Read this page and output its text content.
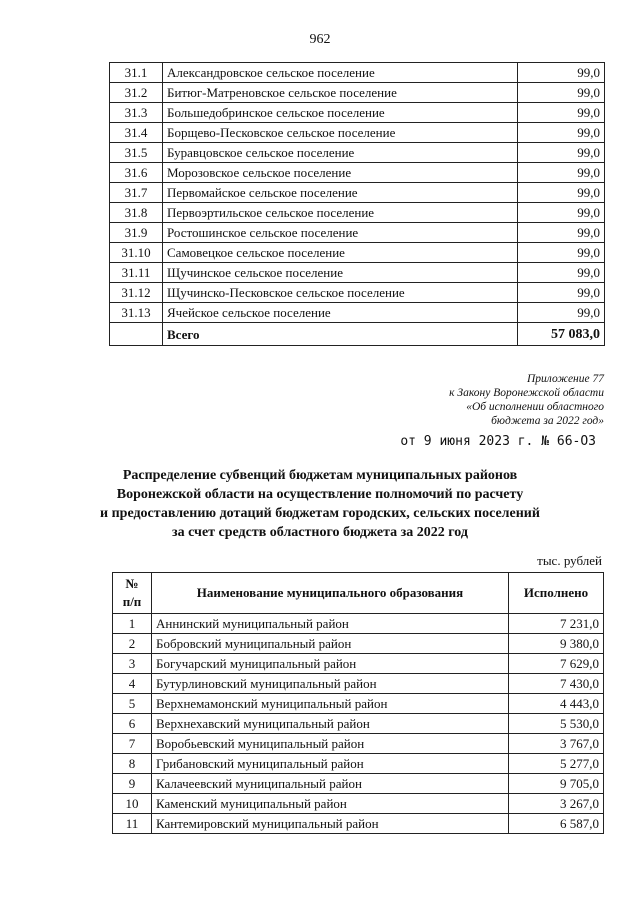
962
31.1	Александровское сельское поселение	99,0
31.2	Битюг-Матреновское сельское поселение	99,0
31.3	Большедобринское сельское поселение	99,0
31.4	Борщево-Песковское сельское поселение	99,0
31.5	Буравцовское сельское поселение	99,0
31.6	Морозовское сельское поселение	99,0
31.7	Первомайское сельское поселение	99,0
31.8	Первоэртильское сельское поселение	99,0
31.9	Ростошинское сельское поселение	99,0
31.10	Самовецкое сельское поселение	99,0
31.11	Щучинское сельское поселение	99,0
31.12	Щучинско-Песковское сельское поселение	99,0
31.13	Ячейское сельское поселение	99,0
	Всего	57 083,0
Приложение 77
к Закону Воронежской области
«Об исполнении областного
бюджета за 2022 год»
от 9 июня 2023 г. № 66-ОЗ
Распределение субвенций бюджетам муниципальных районов
Воронежской области на осуществление полномочий по расчету
и предоставлению дотаций бюджетам городских, сельских поселений
за счет средств областного бюджета за 2022 год
тыс. рублей
№
п/п	Наименование муниципального образования	Исполнено
1	Аннинский муниципальный район	7 231,0
2	Бобровский муниципальный район	9 380,0
3	Богучарский муниципальный район	7 629,0
4	Бутурлиновский муниципальный район	7 430,0
5	Верхнемамонский муниципальный район	4 443,0
6	Верхнехавский муниципальный район	5 530,0
7	Воробьевский муниципальный район	3 767,0
8	Грибановский муниципальный район	5 277,0
9	Калачеевский муниципальный район	9 705,0
10	Каменский муниципальный район	3 267,0
11	Кантемировский муниципальный район	6 587,0
